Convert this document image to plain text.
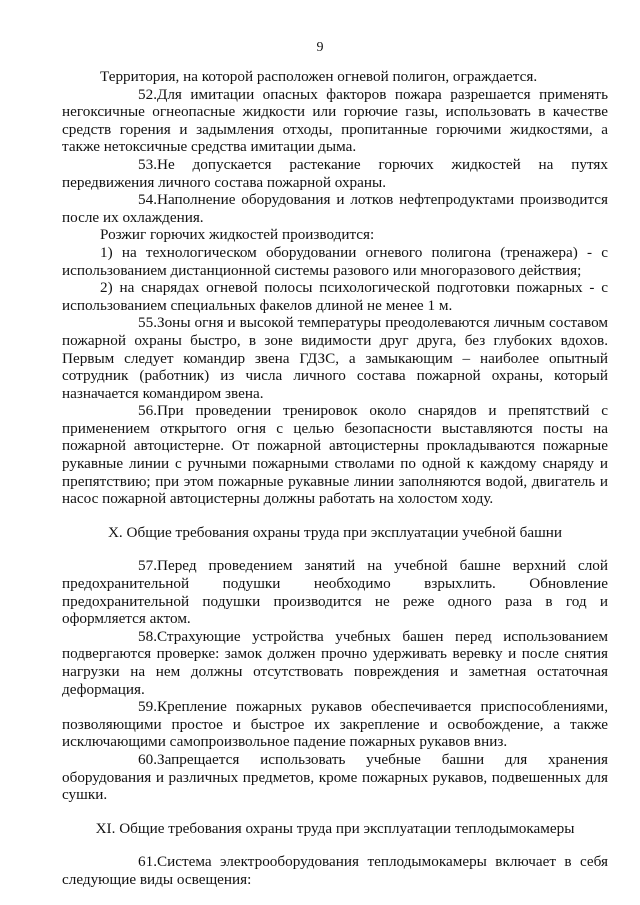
9

Территория, на которой расположен огневой полигон, ограждается.

52.Для имитации опасных факторов пожара разрешается применять негоксичные огнеопасные жидкости или горючие газы, использовать в качестве средств горения и задымления отходы, пропитанные горючими жидкостями, а также нетоксичные средства имитации дыма.

53.Не допускается растекание горючих жидкостей на путях передвижения личного состава пожарной охраны.

54.Наполнение оборудования и лотков нефтепродуктами производится после их охлаждения.

Розжиг горючих жидкостей производится:

1) на технологическом оборудовании огневого полигона (тренажера) - с использованием дистанционной системы разового или многоразового действия;

2) на снарядах огневой полосы психологической подготовки пожарных - с использованием специальных факелов длиной не менее 1 м.

55.Зоны огня и высокой температуры преодолеваются личным составом пожарной охраны быстро, в зоне видимости друг друга, без глубоких вдохов. Первым следует командир звена ГДЗС, а замыкающим – наиболее опытный сотрудник (работник) из числа личного состава пожарной охраны, который назначается командиром звена.

56.При проведении тренировок около снарядов и препятствий с применением открытого огня с целью безопасности выставляются посты на пожарной автоцистерне. От пожарной автоцистерны прокладываются пожарные рукавные линии с ручными пожарными стволами по одной к каждому снаряду и препятствию; при этом пожарные рукавные линии заполняются водой, двигатель и насос пожарной автоцистерны должны работать на холостом ходу.

X. Общие требования охраны труда при эксплуатации учебной башни

57.Перед проведением занятий на учебной башне верхний слой предохранительной подушки необходимо взрыхлить. Обновление предохранительной подушки производится не реже одного раза в год и оформляется актом.

58.Страхующие устройства учебных башен перед использованием подвергаются проверке: замок должен прочно удерживать веревку и после снятия нагрузки на нем должны отсутствовать повреждения и заметная остаточная деформация.

59.Крепление пожарных рукавов обеспечивается приспособлениями, позволяющими простое и быстрое их закрепление и освобождение, а также исключающими самопроизвольное падение пожарных рукавов вниз.

60.Запрещается использовать учебные башни для хранения оборудования и различных предметов, кроме пожарных рукавов, подвешенных для сушки.

XI. Общие требования охраны труда при эксплуатации теплодымокамеры

61.Система электрооборудования теплодымокамеры включает в себя следующие виды освещения:
